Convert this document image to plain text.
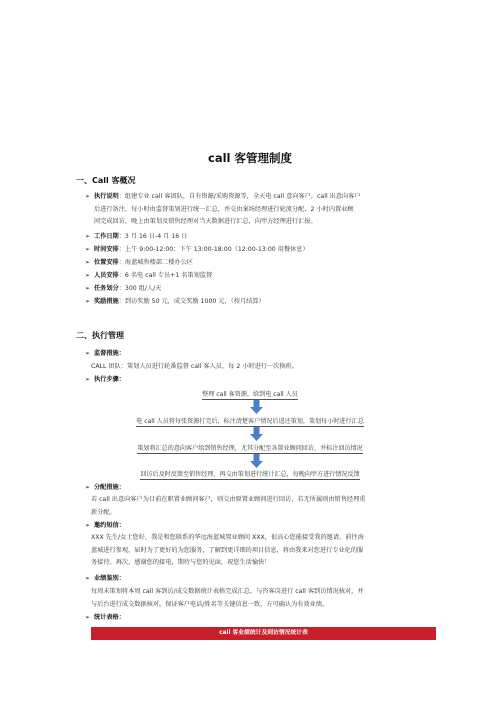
call 客管理制度
一、Call 客概况
➢ 执行说明：组建专业 call 客团队，自有资源/采购资源等，全天电 call 意向客户，call 出意向客户
后进行备注，每小时由监督策划进行统一汇总，并交由案场经理进行轮流分配，2 小时内置业顾
问完成回访，晚上由策划及销售经理对当天数据进行汇总，向甲方经理进行汇报。
➢ 工作日期：3 月 16 日-4 月 16 日
➢ 时间安排：上午 9:00-12:00；下午 13:00-18:00（12:00-13:00 用餐休息）
➢ 位置安排：海蓝城售楼部二楼办公区
➢ 人员安排：6 名电 call 专员+1 名策划监督
➢ 任务划分：300 组/人/天
➢ 奖励措施：到访奖励 50 元，成交奖励 1000 元，（按月结算）
二、执行管理
➢ 监督措施：
CALL 团队：策划人员进行轮番监督 call 客人员，每 2 小时进行一次换班。
➢ 执行步骤：
整理 call 客资源，给到电 call 人员
电 call 人员将每张资源打完后，标注清楚客户情况后返还策划，策划每小时进行汇总
策划将汇总的意向客户给到销售经理，尤其分配至各置业顾问回访，并标注回访情况
回访后及时反馈至销售经理，再交由策划进行统计汇总，每晚向甲方进行情况反馈
➢ 分配措施：
若 call 出意向客户为目前在职置业顾问客户，则交由原置业顾问进行回访，若无所属则由销售经理重
新分配。
➢ 邀约短信：
XXX 先生/女士您好，我是和您联系的华远海蓝城置业顾问 XXX，很高心您能接受我的邀请，前往海
蓝城进行参观，届时为了更好的为您服务，了解到更详细的项目信息，将由我来对您进行专业化的服
务接待。再次，感谢您的接电，期待与您的见面，祝您生活愉快！
➢ 业绩鉴别：
每周末策划将本周 call 客到访/成交数据统计表格完成汇总，与咨客岗进行 call 客到访情况核对，并
与后台进行成交数据核对，保证客户电话/姓名等关键信息一致，方可确认为有效业绩。
➢ 统计表格：
call 客业绩统计及到访情况统计表
